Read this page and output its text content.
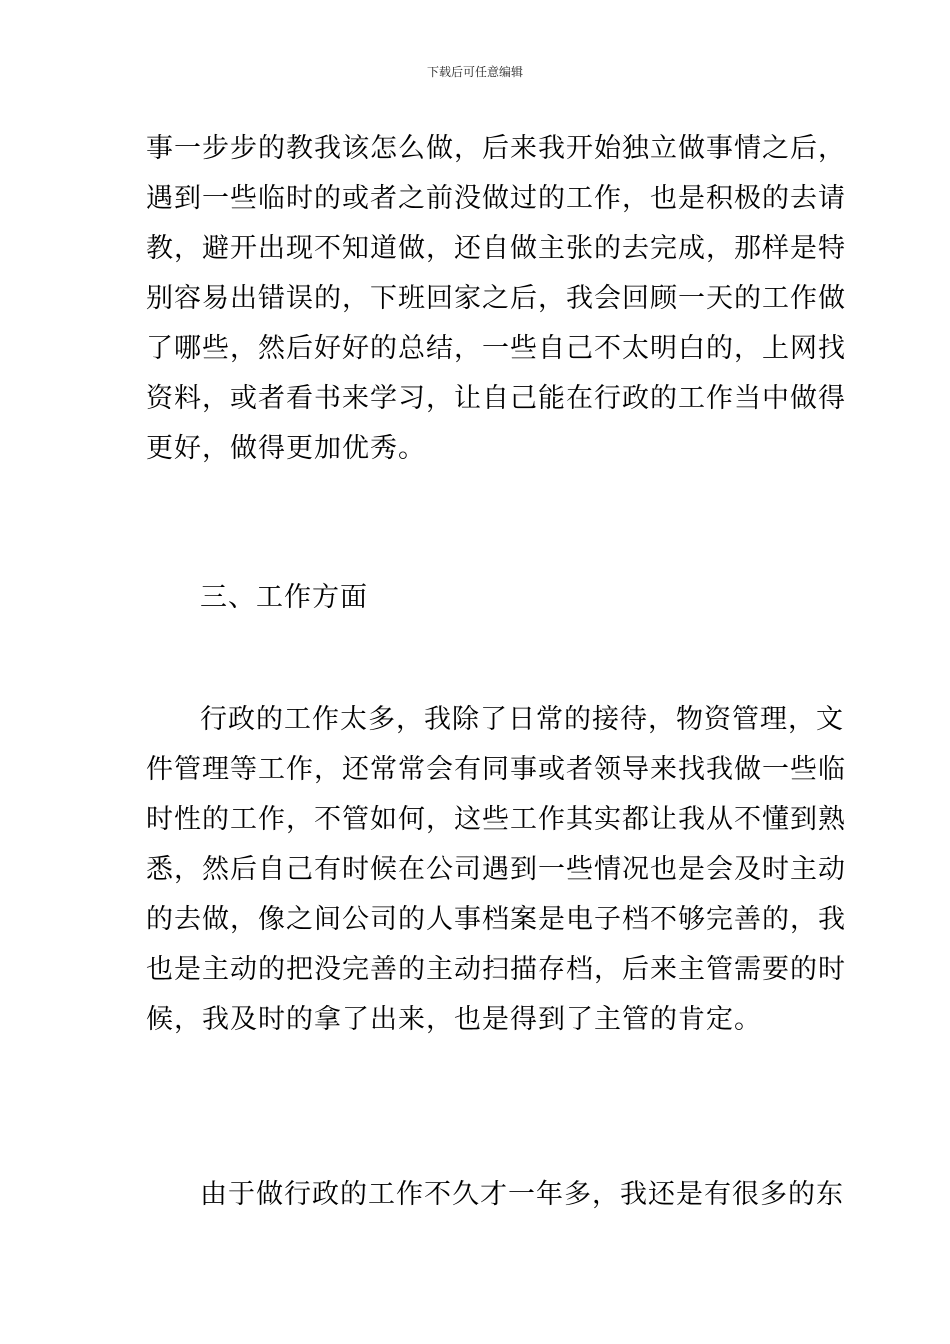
下载后可任意编辑
事一步步的教我该怎么做，后来我开始独立做事情之后，
遇到一些临时的或者之前没做过的工作，也是积极的去请
教，避开出现不知道做，还自做主张的去完成，那样是特
别容易出错误的，下班回家之后，我会回顾一天的工作做
了哪些，然后好好的总结，一些自己不太明白的，上网找
资料，或者看书来学习，让自己能在行政的工作当中做得
更好，做得更加优秀。
三、工作方面
行政的工作太多，我除了日常的接待，物资管理，文
件管理等工作，还常常会有同事或者领导来找我做一些临
时性的工作，不管如何，这些工作其实都让我从不懂到熟
悉，然后自己有时候在公司遇到一些情况也是会及时主动
的去做，像之间公司的人事档案是电子档不够完善的，我
也是主动的把没完善的主动扫描存档，后来主管需要的时
候，我及时的拿了出来，也是得到了主管的肯定。
由于做行政的工作不久才一年多，我还是有很多的东
